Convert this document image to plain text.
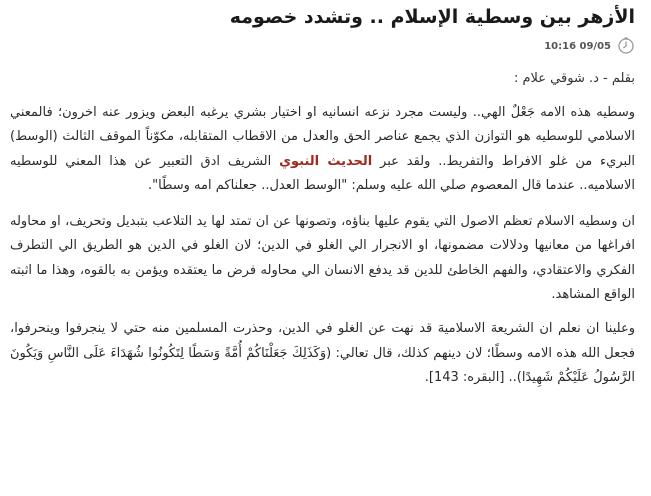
الأزهر بين وسطية الإسلام .. وتشدد خصومه
10:16 09/05
بقلم - د. شوقي علام :

وسطيه هذه الامه جَعْلٌ الهي.. وليست مجرد نزعه انسانيه او اختيار بشري يرغبه البعض ويزور عنه اخرون؛ فالمعني الاسلامي للوسطيه هو التوازن الذي يجمع عناصر الحق والعدل من الاقطاب المتقابله، مكوّناً الموقف الثالث (الوسط) البريء من غلو الافراط والتفريط.. ولقد عبر الحديث النبوي الشريف ادق التعبير عن هذا المعني للوسطيه الاسلاميه.. عندما قال المعصوم صلي الله عليه وسلم: "الوسط العدل.. جعلناكم امه وسطًا".

ان وسطيه الاسلام تعظم الاصول التي يقوم عليها بناؤه، وتصونها عن ان تمتد لها يد التلاعب بتبديل وتحريف، او محاوله افراغها من معانيها ودلالات مضمونها، او الانجرار الي الغلو في الدين؛ لان الغلو في الدين هو الطريق الي التطرف الفكري والاعتقادي، والفهم الخاطئ للدين قد يدفع الانسان الي محاوله فرض ما يعتقده ويؤمن به بالقوه، وهذا ما اثبته الواقع المشاهد.

وعلينا ان نعلم ان الشريعهَ الاسلاميهَ قد نهت عن الغلو في الدين، وحذرت المسلمين منه حتي لا ينجرفوا وينحرفوا، فجعل الله هذه الامه وسطًا؛ لان دينهم كذلك، قال تعالي: (وَكَذَلِكَ جَعَلْنَاكُمْ أُمَّةً وَسَطًا لِتَكُونُوا شُهَدَاءَ عَلَى النَّاسِ وَيَكُونَ الرَّسُولُ عَلَيْكُمْ شَهِيدًا).. [البقره: 143].
